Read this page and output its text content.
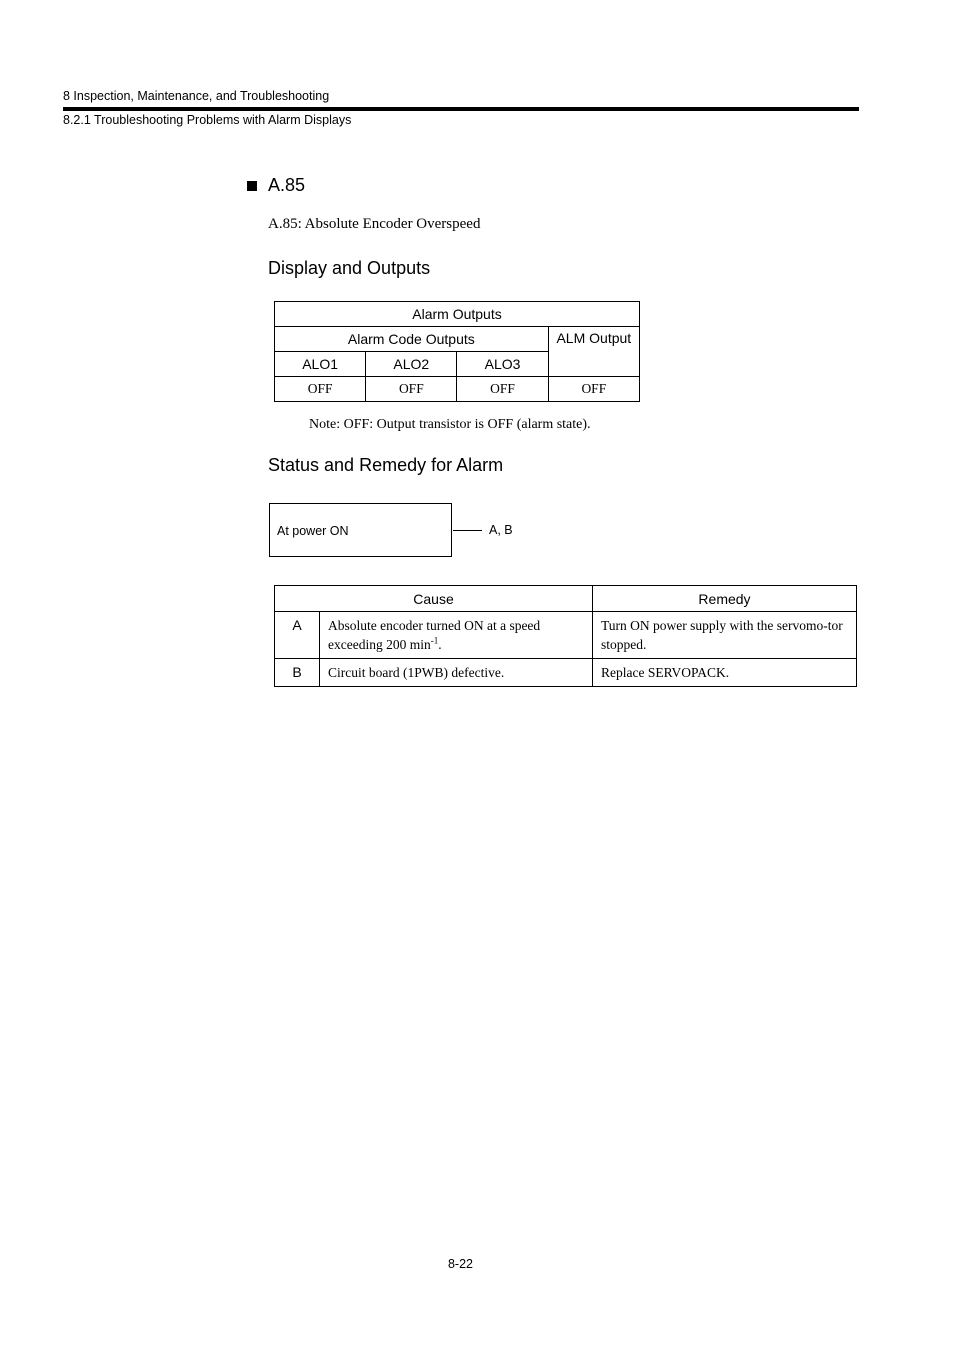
8 Inspection, Maintenance, and Troubleshooting
8.2.1 Troubleshooting Problems with Alarm Displays
A.85
A.85: Absolute Encoder Overspeed
Display and Outputs
Alarm Outputs			
Alarm Code Outputs			ALM Output
ALO1	ALO2	ALO3	
OFF	OFF	OFF	OFF
Note: OFF: Output transistor is OFF (alarm state).
Status and Remedy for Alarm
At power ON	A, B
Cause		Remedy
A	Absolute encoder turned ON at a speed exceeding 200 $\min^{-1}$.	Turn ON power supply with the servomo-tor stopped.
B	Circuit board (1PWB) defective.	Replace SERVOPACK.
8-22
